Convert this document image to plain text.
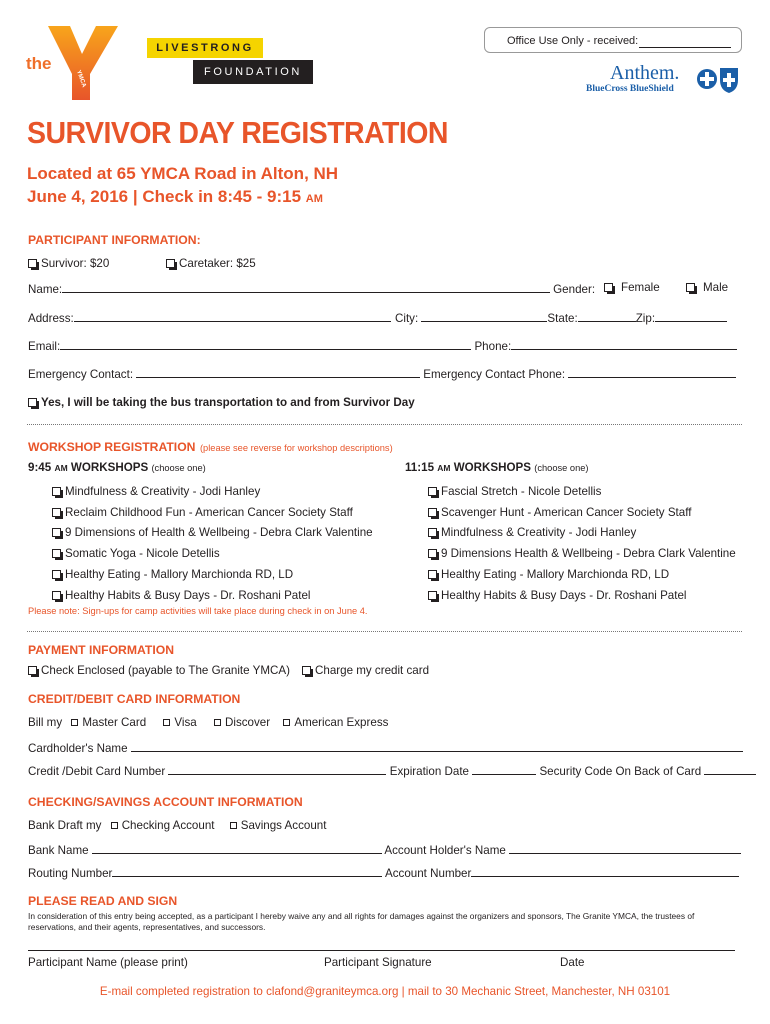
the
YMCA
LIVESTRONG
FOUNDATION
Office Use Only - received:
Anthem.
BlueCross BlueShield
SURVIVOR DAY REGISTRATION
Located at 65 YMCA Road in Alton, NH
June 4, 2016 | Check in 8:45 - 9:15 AM
PARTICIPANT INFORMATION:
Survivor: $20	Caretaker: $25
Name:	Gender:	Female	Male
Address:	City:	State:	Zip:
Email:	Phone:
Emergency Contact:	Emergency Contact Phone:
Yes, I will be taking the bus transportation to and from Survivor Day
WORKSHOP REGISTRATION (please see reverse for workshop descriptions)
9:45 AM WORKSHOPS (choose one)	11:15 AM WORKSHOPS (choose one)
Mindfulness & Creativity - Jodi Hanley
Reclaim Childhood Fun - American Cancer Society Staff
9 Dimensions of Health & Wellbeing - Debra Clark Valentine
Somatic Yoga - Nicole Detellis
Healthy Eating - Mallory Marchionda RD, LD
Healthy Habits & Busy Days - Dr. Roshani Patel
Fascial Stretch - Nicole Detellis
Scavenger Hunt - American Cancer Society Staff
Mindfulness & Creativity - Jodi Hanley
9 Dimensions Health & Wellbeing - Debra Clark Valentine
Healthy Eating - Mallory Marchionda RD, LD
Healthy Habits & Busy Days - Dr. Roshani Patel
Please note: Sign-ups for camp activities will take place during check in on June 4.
PAYMENT INFORMATION
Check Enclosed (payable to The Granite YMCA)	Charge my credit card
CREDIT/DEBIT CARD INFORMATION
Bill my Master Card Visa Discover American Express
Cardholder's Name
Credit /Debit Card Number	Expiration Date	Security Code On Back of Card
CHECKING/SAVINGS ACCOUNT INFORMATION
Bank Draft my Checking Account Savings Account
Bank Name	Account Holder's Name
Routing Number	Account Number
PLEASE READ AND SIGN
In consideration of this entry being accepted, as a participant I hereby waive any and all rights for damages against the organizers and sponsors, The Granite YMCA, the trustees of reservations, and their agents, representatives, and successors.
Participant Name (please print)	Participant Signature	Date
E-mail completed registration to clafond@graniteymca.org | mail to 30 Mechanic Street, Manchester, NH 03101
